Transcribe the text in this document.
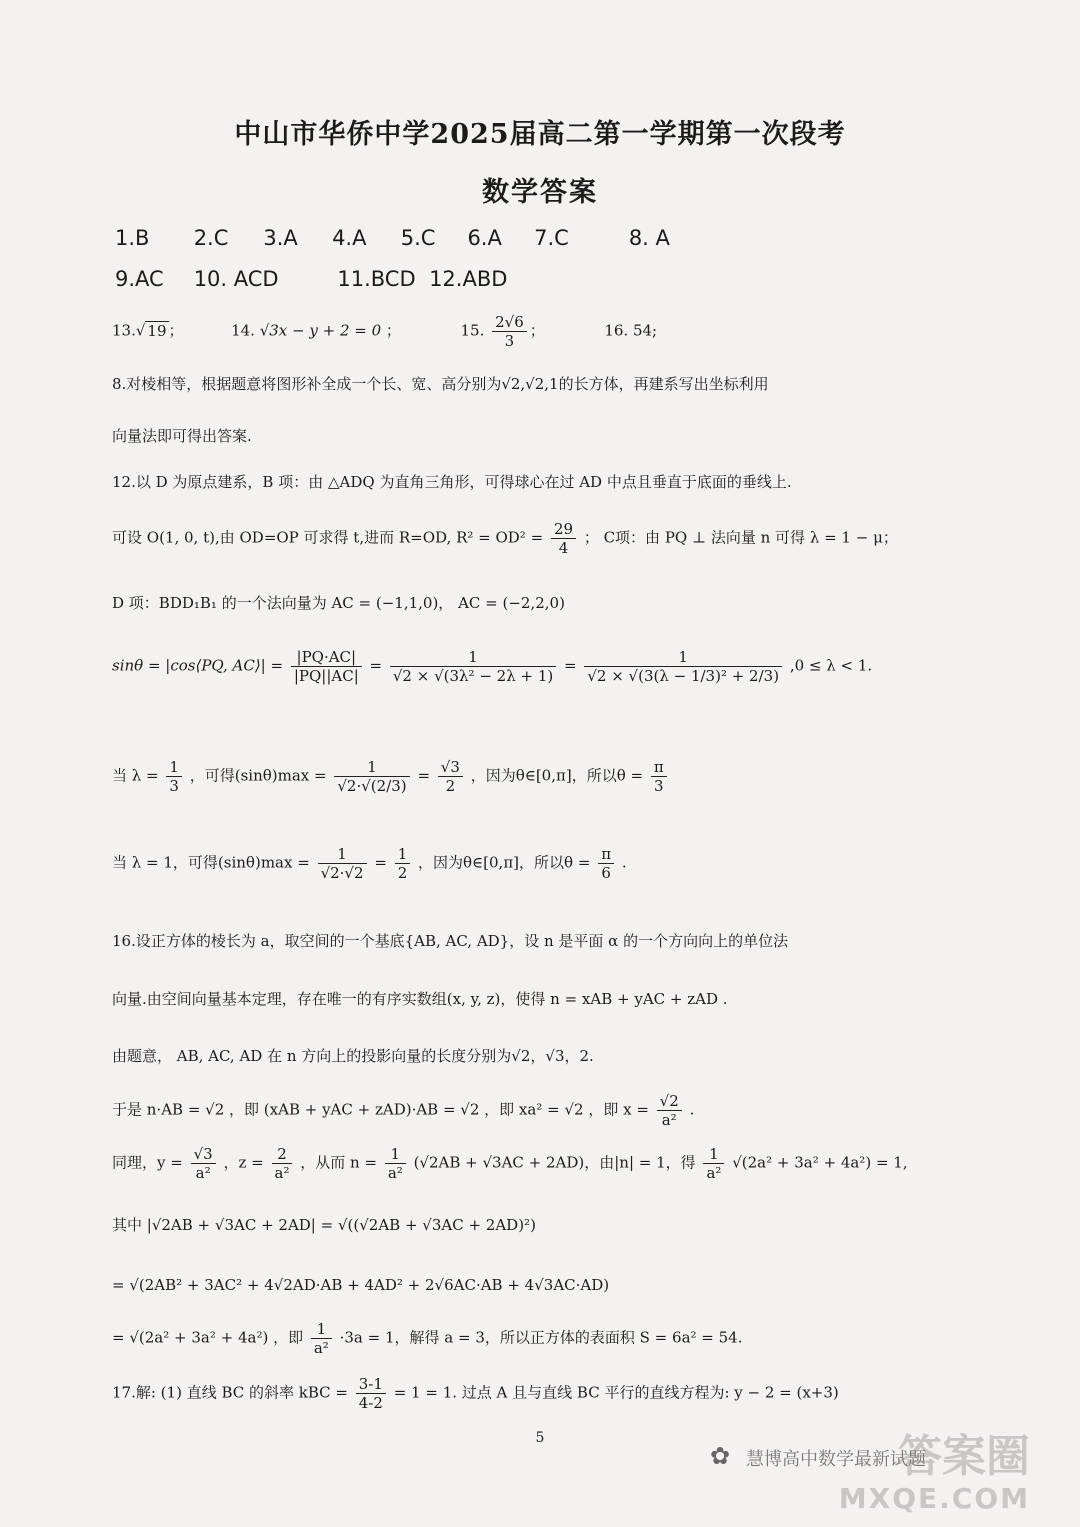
中山市华侨中学2025届高二第一学期第一次段考
数学答案
1.B 2.C 3.A 4.A 5.C 6.A 7.C	8. A
9.AC 10. ACD	11.BCD 12.ABD
13.√ 19 ；	14. √3x − y + 2 = 0 ；	15. $\frac{2√6}{3}$ ；	16. 54;
8.对棱相等，根据题意将图形补全成一个长、宽、高分别为√2,√2,1的长方体，再建系写出坐标利用
向量法即可得出答案.
12.以 D 为原点建系，B 项：由 △ADQ 为直角三角形，可得球心在过 AD 中点且垂直于底面的垂线上.
可设 O(1, 0, t),由 OD=OP 可求得 t,进而 R=OD, $R^2 = OD^2 = \frac{29}{4}$ ； C项：由 PQ ⊥ 法向量 n 可得 λ = 1 − μ；
D 项：BDD₁B₁ 的一个法向量为 AC = (−1,1,0)， AC = (−2,2,0)
sinθ = |cos⟨PQ, AC⟩| = $\frac{|PQ\cdot AC|}{|PQ||AC|} = \frac{1}{\text{√2 × √(3λ² − 2λ + 1)}} = \frac{1}{\text{√2 × √(3(λ − 1/3)² + 2/3)}} ,0 \le \lambda < 1$.
当 $\lambda = \frac{1}{3}$ ，可得$(\sin\theta)\max = \frac{1}{√2\cdot√(2/3)} = \frac{√3}{2}$ ，因为θ∈[0,π]，所以$\theta = \frac{\pi}{3}$
当 λ = 1，可得$(\sin\theta)\max = \frac{1}{√2\cdot√2} = \frac{1}{2}$ ，因为θ∈[0,π]，所以$\theta = \frac{\pi}{6}$ .
16.设正方体的棱长为 a，取空间的一个基底{AB, AC, AD}，设 n 是平面 α 的一个方向向上的单位法
向量.由空间向量基本定理，存在唯一的有序实数组(x, y, z)，使得 n = xAB + yAC + zAD .
由题意， AB, AC, AD 在 n 方向上的投影向量的长度分别为√2，√3，2.
于是 n·AB = √2 ，即 (xAB + yAC + zAD)·AB = √2 ，即 xa² = √2 ，即 $x = \frac{√2}{\text{a²}}$ .
同理，$y = \frac{√3}{\text{a²}}$ ，$z = \frac{2}{\text{a²}}$ ，从而 $n = \frac{1}{\text{a²}} (√2AB + √3AC + 2AD)$，由|n| = 1，得 $\frac{1}{\text{a²}} √(2a^2 + 3a^2 + 4a^2) = 1$,
其中 |√2AB + √3AC + 2AD| = √((√2AB + √3AC + 2AD)²)
= √(2AB² + 3AC² + 4√2AD·AB + 4AD² + 2√6AC·AB + 4√3AC·AD)
= √(2a² + 3a² + 4a²) ，即 $\frac{1}{\text{a²}} \cdot 3a = 1$，解得 a = 3，所以正方体的表面积 S = 6a² = 54.
17.解: (1) 直线 BC 的斜率 kBC = $\frac{3-1}{4-2} = 1 = 1$. 过点 A 且与直线 BC 平行的直线方程为: y − 2 = (x+3)
5
✿ 慧博高中数学最新试题
答案圈
MXQE.COM
